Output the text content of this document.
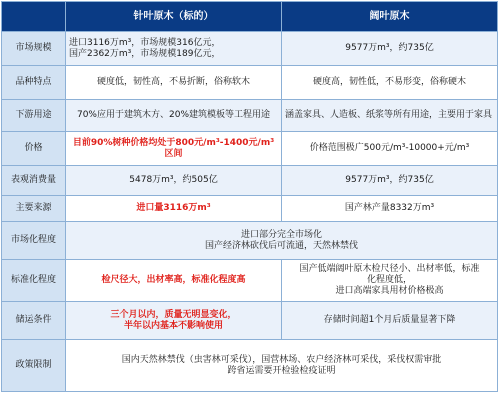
	针叶原木（标的）	阔叶原木
市场规模	进口3116万m³，市场规模316亿元，
国产2362万m³，市场规模189亿元，	9577万m³，约735亿
品种特点	硬度低，韧性高，不易折断，俗称软木	硬度高，韧性低，不易形变，俗称硬木
下游用途	70%应用于建筑木方、20%建筑模板等工程用途	涵盖家具、人造板、纸浆等所有用途，主要用于家具
价格	目前90%树种价格均处于800元/m³-1400元/m³区间	价格范围极广500元/m³-10000+元/m³
表观消费量	5478万m³，约505亿	9577万m³，约735亿
主要来源	进口量3116万m³	国产林产量8332万m³
市场化程度	进口部分完全市场化
国产经济林砍伐后可流通，天然林禁伐	

标准化程度	检尺径大，出材率高，标准化程度高	国产低端阔叶原木检尺径小、出材率低，标准
化程度低，
进口高端家具用材价格极高

储运条件	三个月以内，质量无明显变化，
半年以内基本不影响使用	存储时间超1个月后质量显著下降
政策限制	国内天然林禁伐（虫害林可采伐），国营林场、农户经济林可采伐，采伐权需审批
跨省运需要开检验检疫证明	
